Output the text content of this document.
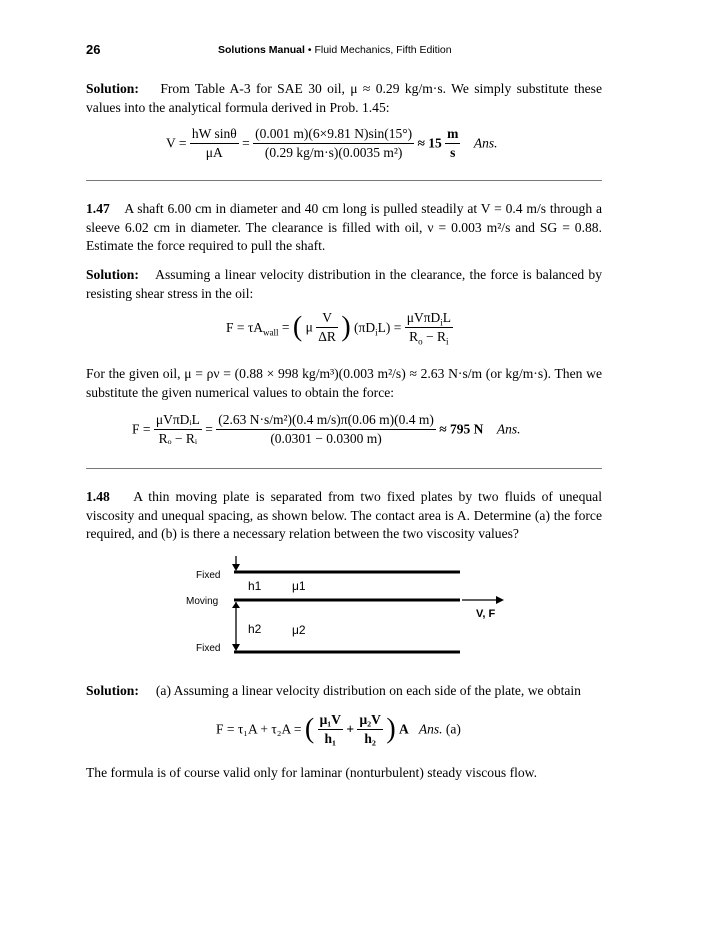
26	Solutions Manual • Fluid Mechanics, Fifth Edition
Solution: From Table A-3 for SAE 30 oil, μ ≈ 0.29 kg/m·s. We simply substitute these values into the analytical formula derived in Prob. 1.45:
$V = \frac{\text{hW sinθ}}{\mu A} = \frac{(0.001 m)(6\times 9.81 N)\sin(15^\circ)}{\text{(0.29 kg/m·s)(0.0035 m²)}} \approx 15 \frac{m}{s}$ Ans.
1.47 A shaft 6.00 cm in diameter and 40 cm long is pulled steadily at V = 0.4 m/s through a sleeve 6.02 cm in diameter. The clearance is filled with oil, ν = 0.003 m²/s and SG = 0.88. Estimate the force required to pull the shaft.
Solution: Assuming a linear velocity distribution in the clearance, the force is balanced by resisting shear stress in the oil:
$F = \tau A_{wall}$ = ( μ $\frac{V}{\Delta R}$ ) $(\pi D_iL)$ =
μVπD$_i$L
$R_o - R_i$
For the given oil, μ = ρν = (0.88 × 998 kg/m³)(0.003 m²/s) ≈ 2.63 N·s/m (or kg/m·s). Then we substitute the given numerical values to obtain the force:
F =
μVπDᵢL
Rₒ − Rᵢ
= $\frac{\text{(2.63 N·s/m²)(0.4 m/s)π(0.06 m)(0.4 m)}}{(0.0301 - 0.0300 m)} \approx 795$ N Ans.
1.48 A thin moving plate is separated from two fixed plates by two fluids of unequal viscosity and unequal spacing, as shown below. The contact area is A. Determine (a) the force required, and (b) is there a necessary relation between the two viscosity values?
Fixed
Moving
Fixed
h1	μ1
h2	μ2
V, F
Solution: (a) Assuming a linear velocity distribution on each side of the plate, we obtain
F = τ₁A + τ₂A = ( $\frac{\text{μ₁V}}{\text{h₁}} + \frac{\text{μ₂V}}{\text{h₂}}$ ) A Ans. (a)
The formula is of course valid only for laminar (nonturbulent) steady viscous flow.
